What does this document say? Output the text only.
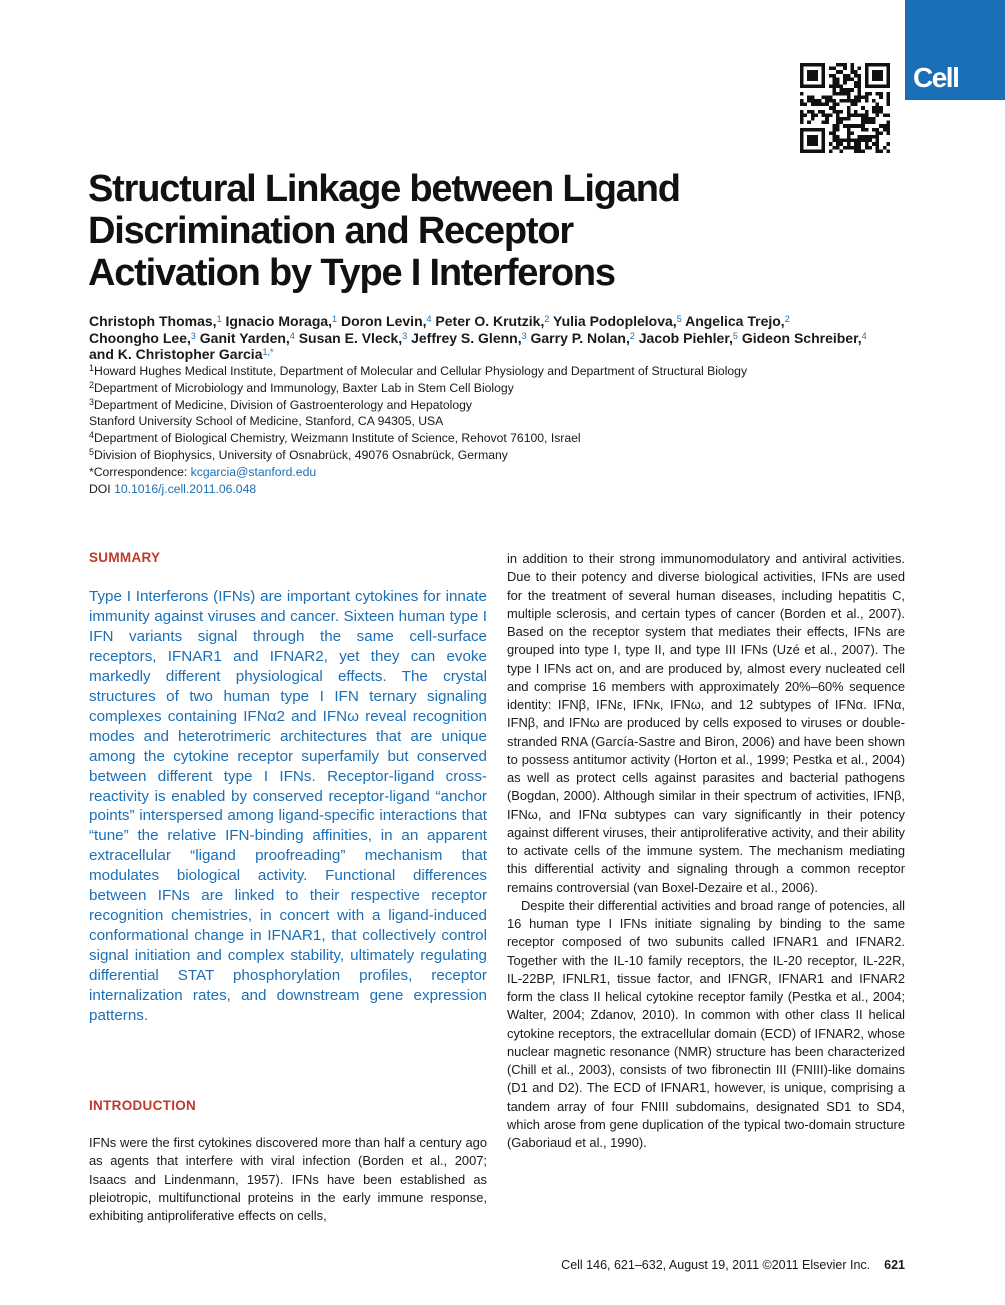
Cell
Structural Linkage between Ligand
Discrimination and Receptor
Activation by Type I Interferons
Christoph Thomas,$^1$ Ignacio Moraga,$^1$ Doron Levin,$^4$ Peter O. Krutzik,$^2$ Yulia Podoplelova,$^5$ Angelica Trejo,$^2$
Choongho Lee,$^3$ Ganit Yarden,$^4$ Susan E. Vleck,$^3$ Jeffrey S. Glenn,$^3$ Garry P. Nolan,$^2$ Jacob Piehler,$^5$ Gideon Schreiber,$^4$
and K. Christopher Garcia$^{1,*}$
$^1$Howard Hughes Medical Institute, Department of Molecular and Cellular Physiology and Department of Structural Biology
$^2$Department of Microbiology and Immunology, Baxter Lab in Stem Cell Biology
$^3$Department of Medicine, Division of Gastroenterology and Hepatology
Stanford University School of Medicine, Stanford, CA 94305, USA
$^4$Department of Biological Chemistry, Weizmann Institute of Science, Rehovot 76100, Israel
$^5$Division of Biophysics, University of Osnabrück, 49076 Osnabrück, Germany
*Correspondence: kcgarcia@stanford.edu
DOI 10.1016/j.cell.2011.06.048
SUMMARY
Type I Interferons (IFNs) are important cytokines for innate immunity against viruses and cancer. Sixteen human type I IFN variants signal through the same cell-surface receptors, IFNAR1 and IFNAR2, yet they can evoke markedly different physiological effects. The crystal structures of two human type I IFN ternary signaling complexes containing IFNα2 and IFNω reveal recognition modes and heterotrimeric architectures that are unique among the cytokine receptor superfamily but conserved between different type I IFNs. Receptor-ligand cross-reactivity is enabled by conserved receptor-ligand “anchor points” interspersed among ligand-specific interactions that “tune” the relative IFN-binding affinities, in an apparent extracellular “ligand proofreading” mechanism that modulates biological activity. Functional differences between IFNs are linked to their respective receptor recognition chemistries, in concert with a ligand-induced conformational change in IFNAR1, that collectively control signal initiation and complex stability, ultimately regulating differential STAT phosphorylation profiles, receptor internalization rates, and downstream gene expression patterns.
INTRODUCTION
IFNs were the first cytokines discovered more than half a century ago as agents that interfere with viral infection (Borden et al., 2007; Isaacs and Lindenmann, 1957). IFNs have been established as pleiotropic, multifunctional proteins in the early immune response, exhibiting antiproliferative effects on cells,

in addition to their strong immunomodulatory and antiviral activities. Due to their potency and diverse biological activities, IFNs are used for the treatment of several human diseases, including hepatitis C, multiple sclerosis, and certain types of cancer (Borden et al., 2007). Based on the receptor system that mediates their effects, IFNs are grouped into type I, type II, and type III IFNs (Uzé et al., 2007). The type I IFNs act on, and are produced by, almost every nucleated cell and comprise 16 members with approximately 20%–60% sequence identity: IFNβ, IFNε, IFNκ, IFNω, and 12 subtypes of IFNα. IFNα, IFNβ, and IFNω are produced by cells exposed to viruses or double-stranded RNA (García-Sastre and Biron, 2006) and have been shown to possess antitumor activity (Horton et al., 1999; Pestka et al., 2004) as well as protect cells against parasites and bacterial pathogens (Bogdan, 2000). Although similar in their spectrum of activities, IFNβ, IFNω, and IFNα subtypes can vary significantly in their potency against different viruses, their antiproliferative activity, and their ability to activate cells of the immune system. The mechanism mediating this differential activity and signaling through a common receptor remains controversial (van Boxel-Dezaire et al., 2006).

Despite their differential activities and broad range of potencies, all 16 human type I IFNs initiate signaling by binding to the same receptor composed of two subunits called IFNAR1 and IFNAR2. Together with the IL-10 family receptors, the IL-20 receptor, IL-22R, IL-22BP, IFNLR1, tissue factor, and IFNGR, IFNAR1 and IFNAR2 form the class II helical cytokine receptor family (Pestka et al., 2004; Walter, 2004; Zdanov, 2010). In common with other class II helical cytokine receptors, the extracellular domain (ECD) of IFNAR2, whose nuclear magnetic resonance (NMR) structure has been characterized (Chill et al., 2003), consists of two fibronectin III (FNIII)-like domains (D1 and D2). The ECD of IFNAR1, however, is unique, comprising a tandem array of four FNIII subdomains, designated SD1 to SD4, which arose from gene duplication of the typical two-domain structure (Gaboriaud et al., 1990).

Cell 146, 621–632, August 19, 2011 ©2011 Elsevier Inc. 621
